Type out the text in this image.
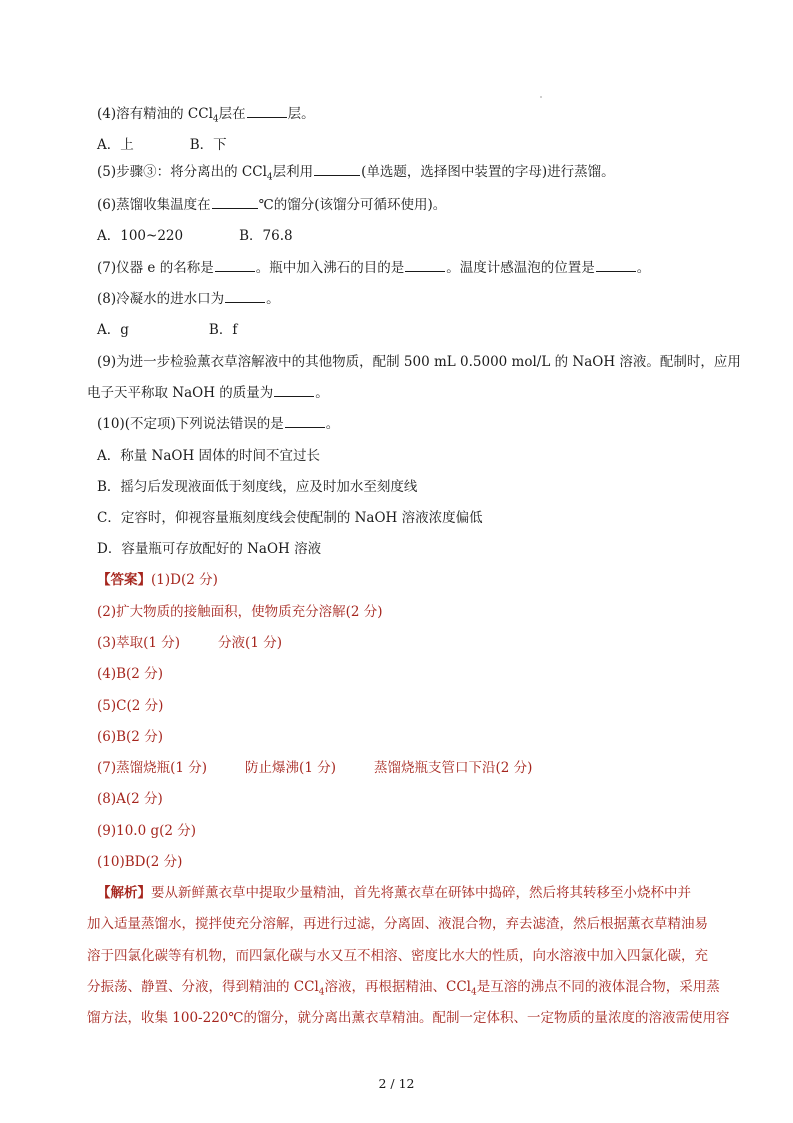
(4)溶有精油的 CCl$_4$层在	层。
A．上	B．下
(5)步骤③：将分离出的 CCl$_4$层利用	(单选题，选择图中装置的字母)进行蒸馏。
(6)蒸馏收集温度在	℃的馏分(该馏分可循环使用)。
A．100~220	B．76.8
(7)仪器 e 的名称是	。瓶中加入沸石的目的是	。温度计感温泡的位置是	。
(8)冷凝水的进水口为	。
A．g	B．f
(9)为进一步检验薰衣草溶解液中的其他物质，配制 500 mL 0.5000 mol/L 的 NaOH 溶液。配制时，应用
电子天平称取 NaOH 的质量为	。
(10)(不定项)下列说法错误的是	。
A．称量 NaOH 固体的时间不宜过长
B．摇匀后发现液面低于刻度线，应及时加水至刻度线
C．定容时，仰视容量瓶刻度线会使配制的 NaOH 溶液浓度偏低
D．容量瓶可存放配好的 NaOH 溶液
【答案】(1)D(2 分)
(2)扩大物质的接触面积，使物质充分溶解(2 分)
(3)萃取(1 分)	分液(1 分)
(4)B(2 分)
(5)C(2 分)
(6)B(2 分)
(7)蒸馏烧瓶(1 分)	防止爆沸(1 分)	蒸馏烧瓶支管口下沿(2 分)
(8)A(2 分)
(9)10.0 g(2 分)
(10)BD(2 分)
【解析】要从新鲜薰衣草中提取少量精油，首先将薰衣草在研钵中捣碎，然后将其转移至小烧杯中并
加入适量蒸馏水，搅拌使充分溶解，再进行过滤，分离固、液混合物，弃去滤渣，然后根据薰衣草精油易
溶于四氯化碳等有机物，而四氯化碳与水又互不相溶、密度比水大的性质，向水溶液中加入四氯化碳，充
分振荡、静置、分液，得到精油的 CCl$_4$溶液，再根据精油、CCl$_4$是互溶的沸点不同的液体混合物，采用蒸
馏方法，收集 100-220℃的馏分，就分离出薰衣草精油。配制一定体积、一定物质的量浓度的溶液需使用容
2 / 12
